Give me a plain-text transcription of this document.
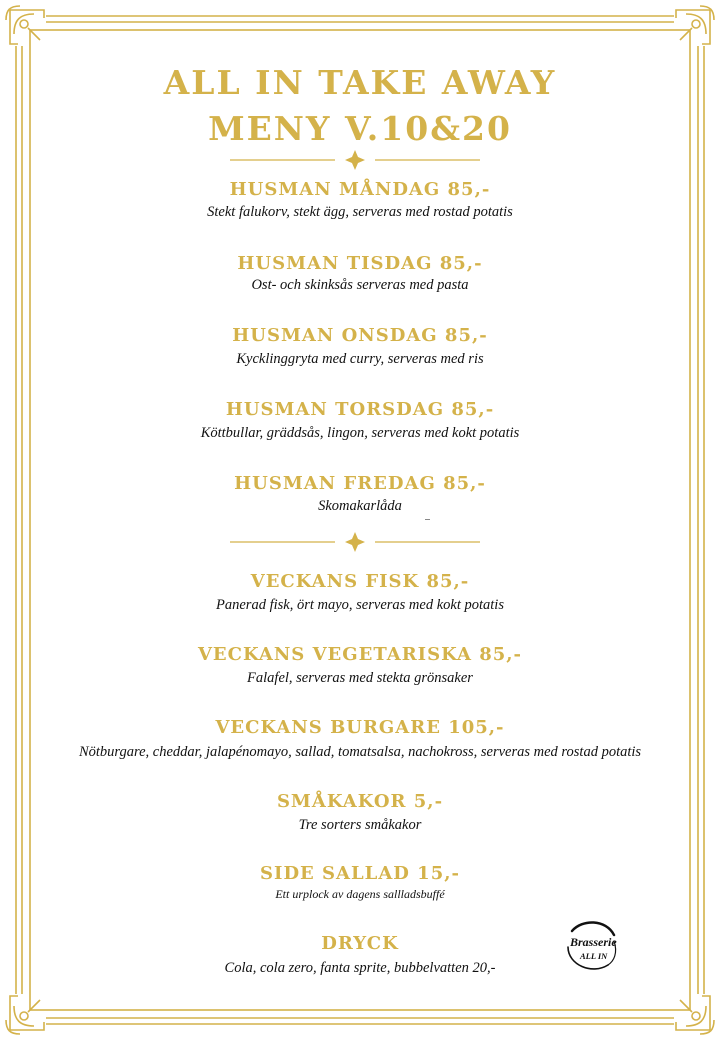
ALL IN TAKE AWAY
MENY V.10&20
HUSMAN MÅNDAG 85,-
Stekt falukorv, stekt ägg, serveras med rostad potatis
HUSMAN TISDAG 85,-
Ost- och skinksås serveras med pasta
HUSMAN ONSDAG 85,-
Kycklinggryta med curry, serveras med ris
HUSMAN TORSDAG 85,-
Köttbullar, gräddsås, lingon, serveras med kokt potatis
HUSMAN FREDAG 85,-
Skomakarlåda
VECKANS FISK 85,-
Panerad fisk, ört mayo, serveras med kokt potatis
VECKANS VEGETARISKA 85,-
Falafel, serveras med stekta grönsaker
VECKANS BURGARE 105,-
Nötburgare, cheddar, jalapénomayo, sallad, tomatsalsa, nachokross, serveras med rostad potatis
SMÅKAKOR 5,-
Tre sorters småkakor
SIDE SALLAD 15,-
Ett urplock av dagens sallladsbuffé
DRYCK
Cola, cola zero, fanta sprite, bubbelvatten 20,-
Brasserie
ALL IN
